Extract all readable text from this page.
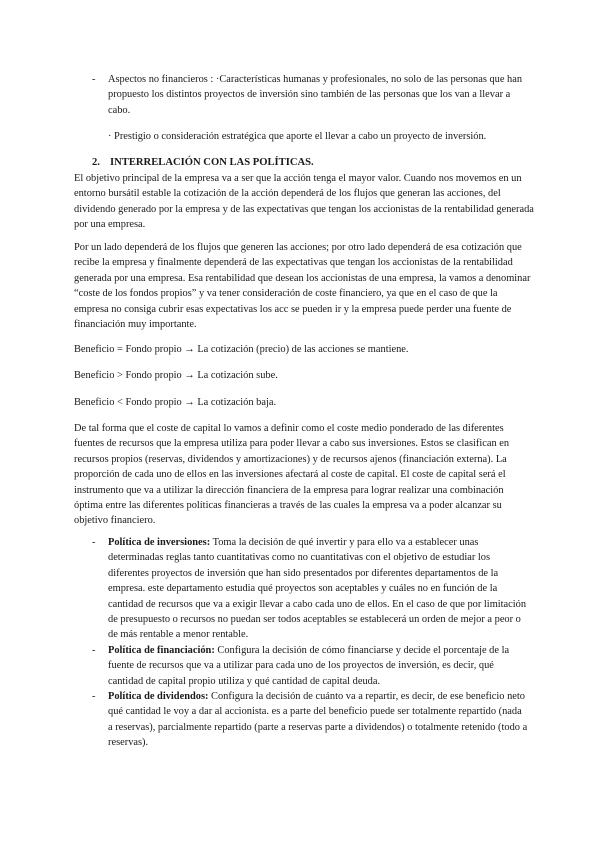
- Aspectos no financieros : ·Características humanas y profesionales, no solo de las personas que han propuesto los distintos proyectos de inversión sino también de las personas que los van a llevar a cabo.

· Prestigio o consideración estratégica que aporte el llevar a cabo un proyecto de inversión.

2. INTERRELACIÓN CON LAS POLÍTICAS.

El objetivo principal de la empresa va a ser que la acción tenga el mayor valor. Cuando nos movemos en un entorno bursátil estable la cotización de la acción dependerá de los flujos que generan las acciones, del dividendo generado por la empresa y de las expectativas que tengan los accionistas de la rentabilidad generada por una empresa.

Por un lado dependerá de los flujos que generen las acciones; por otro lado dependerá de esa cotización que recibe la empresa y finalmente dependerá de las expectativas que tengan los accionistas de la rentabilidad generada por una empresa. Esa rentabilidad que desean los accionistas de una empresa, la vamos a denominar “coste de los fondos propios” y va tener consideración de coste financiero, ya que en el caso de que la empresa no consiga cubrir esas expectativas los acc se pueden ir y la empresa puede perder una fuente de financiación muy importante.

Beneficio = Fondo propio → La cotización (precio) de las acciones se mantiene.

Beneficio > Fondo propio → La cotización sube.

Beneficio < Fondo propio → La cotización baja.

De tal forma que el coste de capital lo vamos a definir como el coste medio ponderado de las diferentes fuentes de recursos que la empresa utiliza para poder llevar a cabo sus inversiones. Estos se clasifican en recursos propios (reservas, dividendos y amortizaciones) y de recursos ajenos (financiación externa). La proporción de cada uno de ellos en las inversiones afectará al coste de capital. El coste de capital será el instrumento que va a utilizar la dirección financiera de la empresa para lograr realizar una combinación óptima entre las diferentes políticas financieras a través de las cuales la empresa va a poder alcanzar su objetivo financiero.

- Política de inversiones: Toma la decisión de qué invertir y para ello va a establecer unas determinadas reglas tanto cuantitativas como no cuantitativas con el objetivo de estudiar los diferentes proyectos de inversión que han sido presentados por diferentes departamentos de la empresa. este departamento estudia qué proyectos son aceptables y cuáles no en función de la cantidad de recursos que va a exigir llevar a cabo cada uno de ellos. En el caso de que por limitación de presupuesto o recursos no puedan ser todos aceptables se establecerá un orden de mejor a peor o de más rentable a menor rentable.

- Política de financiación: Configura la decisión de cómo financiarse y decide el porcentaje de la fuente de recursos que va a utilizar para cada uno de los proyectos de inversión, es decir, qué cantidad de capital propio utiliza y qué cantidad de capital deuda.

- Política de dividendos: Configura la decisión de cuánto va a repartir, es decir, de ese beneficio neto qué cantidad le voy a dar al accionista. es a parte del beneficio puede ser totalmente repartido (nada a reservas), parcialmente repartido (parte a reservas parte a dividendos) o totalmente retenido (todo a reservas).
